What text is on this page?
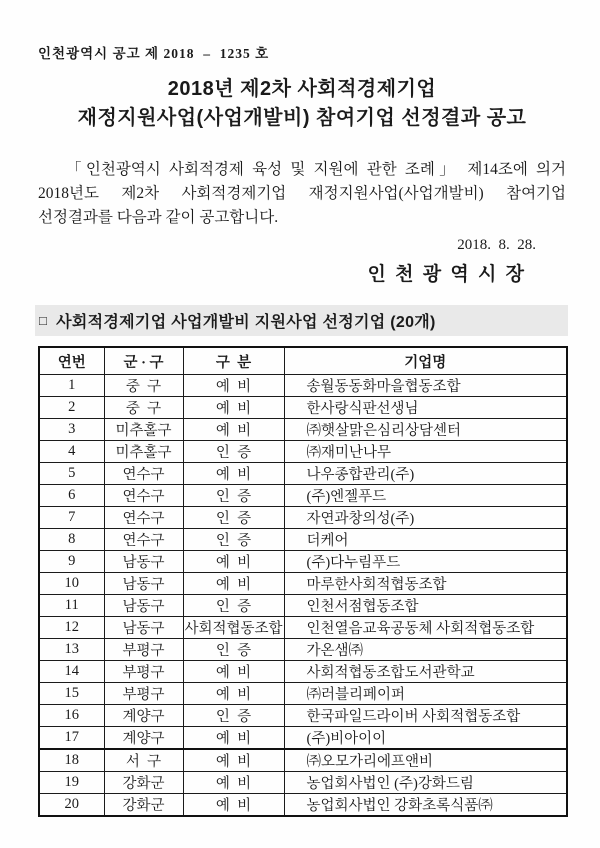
인천광역시 공고 제 2018  –  1235 호
2018년 제2차 사회적경제기업
재정지원사업(사업개발비) 참여기업 선정결과 공고
「인천광역시 사회적경제 육성 및 지원에 관한 조례」 제14조에 의거
2018년도 제2차 사회적경제기업 재정지원사업(사업개발비) 참여기업
선정결과를 다음과 같이 공고합니다.
2018.  8.  28.
인 천 광 역 시 장
□ 사회적경제기업 사업개발비 지원사업 선정기업 (20개)
연번	군 · 구	구  분	기업명
1	중  구	예  비	송월동동화마을협동조합
2	중  구	예  비	한사랑식판선생님
3	미추홀구	예  비	㈜햇살맑은심리상담센터
4	미추홀구	인  증	㈜재미난나무
5	연수구	예  비	나우종합관리(주)
6	연수구	인  증	(주)엔젤푸드
7	연수구	인  증	자연과창의성(주)
8	연수구	인  증	더케어
9	남동구	예  비	(주)다누림푸드
10	남동구	예  비	마루한사회적협동조합
11	남동구	인  증	인천서점협동조합
12	남동구	사회적협동조합	인천열음교육공동체 사회적협동조합
13	부평구	인  증	가온샘㈜
14	부평구	예  비	사회적협동조합도서관학교
15	부평구	예  비	㈜러블리페이퍼
16	계양구	인  증	한국파일드라이버 사회적협동조합
17	계양구	예  비	(주)비아이이
18	서  구	예  비	㈜오모가리에프앤비
19	강화군	예  비	농업회사법인 (주)강화드림
20	강화군	예  비	농업회사법인 강화초록식품㈜
